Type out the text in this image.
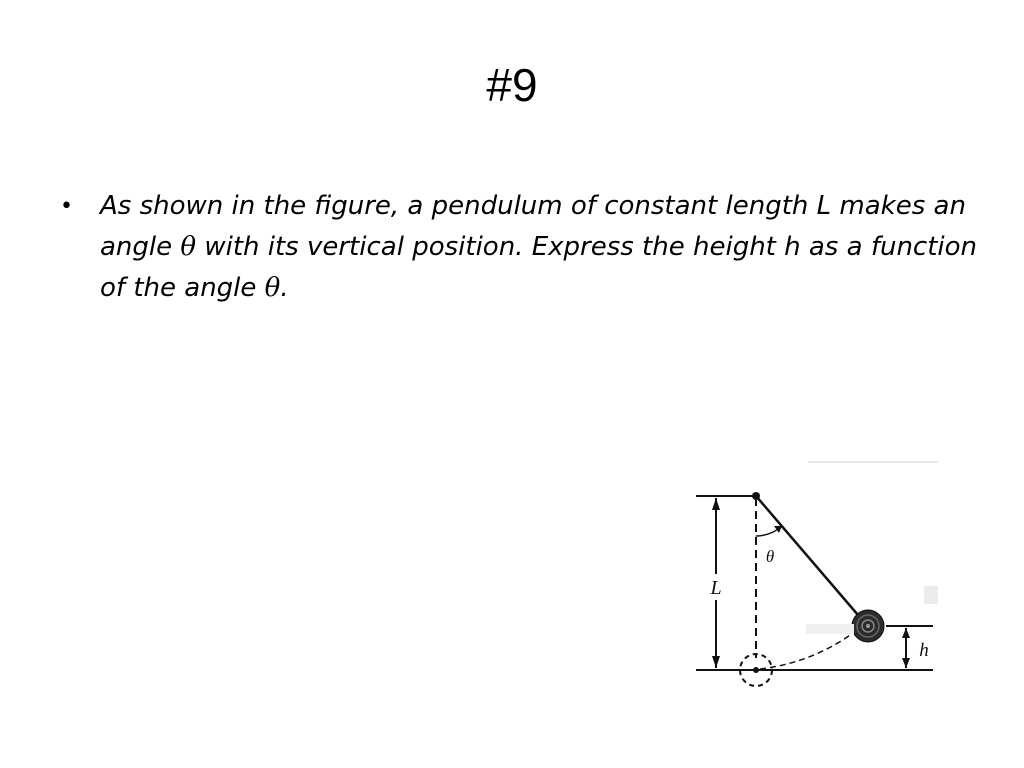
#9
• As shown in the figure, a pendulum of constant length L makes an angle θ with its vertical position. Express the height h as a function of the angle θ.
L
θ
h
